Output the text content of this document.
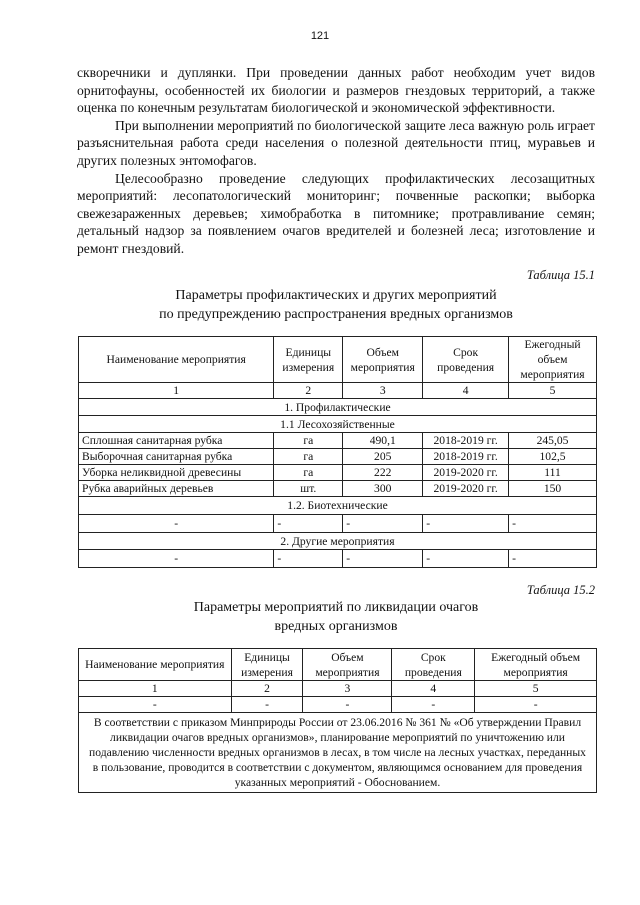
121

скворечники и дуплянки. При проведении данных работ необходим учет видов орнитофауны, особенностей их биологии и размеров гнездовых территорий, а также оценка по конечным результатам биологической и экономической эффективности.

При выполнении мероприятий по биологической защите леса важную роль играет разъяснительная работа среди населения о полезной деятельности птиц, муравьев и других полезных энтомофагов.

Целесообразно проведение следующих профилактических лесозащитных мероприятий: лесопатологический мониторинг; почвенные раскопки; выборка свежезараженных деревьев; химобработка в питомнике; протравливание семян; детальный надзор за появлением очагов вредителей и болезней леса; изготовление и ремонт гнездовий.

Таблица 15.1
Параметры профилактических и других мероприятий
по предупреждению распространения вредных организмов
Наименование мероприятия	Единицы измерения	Объем мероприятия	Срок проведения	Ежегодный объем мероприятия
1	2	3	4	5
1. Профилактические				
1.1 Лесохозяйственные				
Сплошная санитарная рубка	га	490,1	2018-2019 гг.	245,05
Выборочная санитарная рубка	га	205	2018-2019 гг.	102,5
Уборка неликвидной древесины	га	222	2019-2020 гг.	111
Рубка аварийных деревьев	шт.	300	2019-2020 гг.	150
1.2. Биотехнические				
-	-	-	-	-
2. Другие мероприятия				
-	-	-	-	-
Таблица 15.2
Параметры мероприятий по ликвидации очагов
вредных организмов
Наименование мероприятия	Единицы измерения	Объем мероприятия	Срок проведения	Ежегодный объем мероприятия
1	2	3	4	5
-	-	-	-	-
В соответствии с приказом Минприроды России от 23.06.2016 № 361 № «Об утверждении Правил ликвидации очагов вредных организмов», планирование мероприятий по уничтожению или подавлению численности вредных организмов в лесах, в том числе на лесных участках, переданных в пользование, проводится в соответствии с документом, являющимся основанием для проведения указанных мероприятий - Обоснованием.				
